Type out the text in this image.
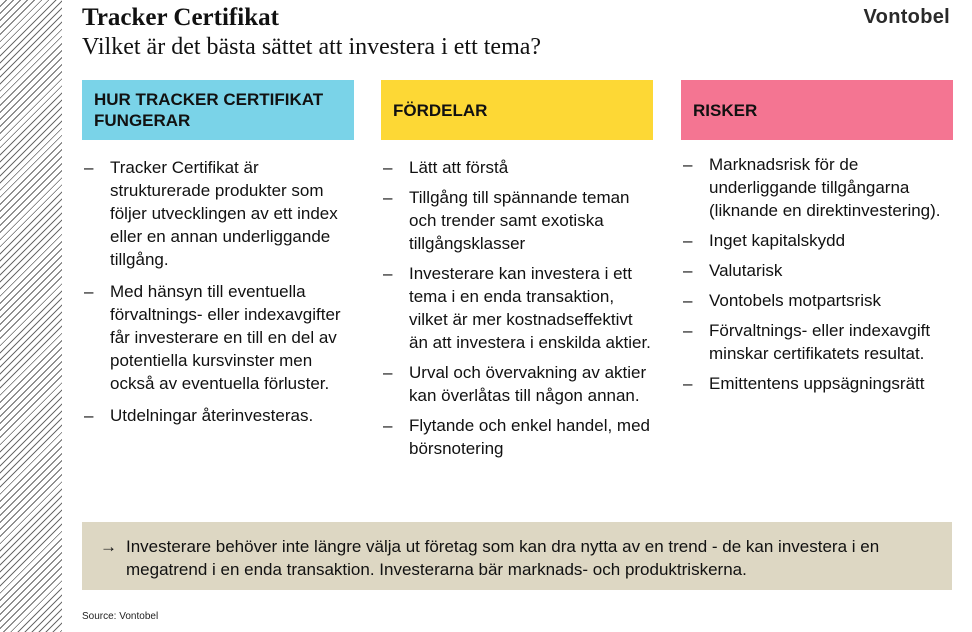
Tracker Certifikat
Vilket är det bästa sättet att investera i ett tema?
Vontobel
HUR TRACKER CERTIFIKAT FUNGERAR
– Tracker Certifikat är strukturerade produkter som följer utvecklingen av ett index eller en annan underliggande tillgång.
– Med hänsyn till eventuella förvaltnings- eller indexavgifter får investerare en till en del av potentiella kursvinster men också av eventuella förluster.
– Utdelningar återinvesteras.
FÖRDELAR
– Lätt att förstå
– Tillgång till spännande teman och trender samt exotiska tillgångsklasser
– Investerare kan investera i ett tema i en enda transaktion, vilket är mer kostnadseffektivt än att investera i enskilda aktier.
– Urval och övervakning av aktier kan överlåtas till någon annan.
– Flytande och enkel handel, med börsnotering
RISKER
– Marknadsrisk för de underliggande tillgångarna (liknande en direktinvestering).
– Inget kapitalskydd
– Valutarisk
– Vontobels motpartsrisk
– Förvaltnings- eller indexavgift minskar certifikatets resultat.
– Emittentens uppsägningsrätt
→ Investerare behöver inte längre välja ut företag som kan dra nytta av en trend - de kan investera i en megatrend i en enda transaktion. Investerarna bär marknads- och produktriskerna.
Source: Vontobel
